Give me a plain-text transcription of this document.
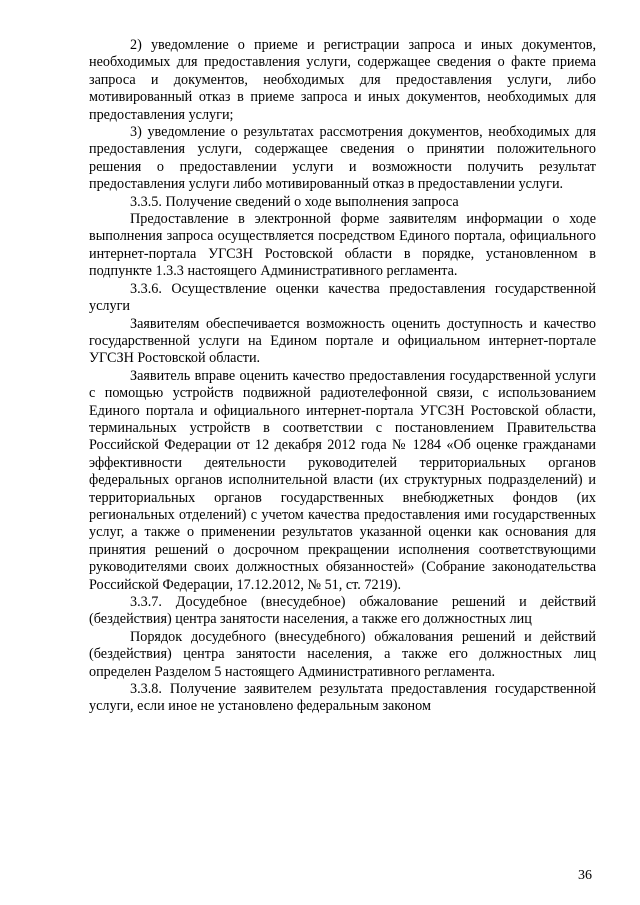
2) уведомление о приеме и регистрации запроса и иных документов, необходимых для предоставления услуги, содержащее сведения о факте приема запроса и документов, необходимых для предоставления услуги, либо мотивированный отказ в приеме запроса и иных документов, необходимых для предоставления услуги;

3) уведомление о результатах рассмотрения документов, необходимых для предоставления услуги, содержащее сведения о принятии положительного решения о предоставлении услуги и возможности получить результат предоставления услуги либо мотивированный отказ в предоставлении услуги.

3.3.5. Получение сведений о ходе выполнения запроса

Предоставление в электронной форме заявителям информации о ходе выполнения запроса осуществляется посредством Единого портала, официального интернет-портала УГСЗН Ростовской области в порядке, установленном в подпункте 1.3.3 настоящего Административного регламента.

3.3.6. Осуществление оценки качества предоставления государственной услуги

Заявителям обеспечивается возможность оценить доступность и качество государственной услуги на Едином портале и официальном интернет-портале УГСЗН Ростовской области.

Заявитель вправе оценить качество предоставления государственной услуги с помощью устройств подвижной радиотелефонной связи, с использованием Единого портала и официального интернет-портала УГСЗН Ростовской области, терминальных устройств в соответствии с постановлением Правительства Российской Федерации от 12 декабря 2012 года № 1284 «Об оценке гражданами эффективности деятельности руководителей территориальных органов федеральных органов исполнительной власти (их структурных подразделений) и территориальных органов государственных внебюджетных фондов (их региональных отделений) с учетом качества предоставления ими государственных услуг, а также о применении результатов указанной оценки как основания для принятия решений о досрочном прекращении исполнения соответствующими руководителями своих должностных обязанностей» (Собрание законодательства Российской Федерации, 17.12.2012, № 51, ст. 7219).

3.3.7. Досудебное (внесудебное) обжалование решений и действий (бездействия) центра занятости населения, а также его должностных лиц

Порядок досудебного (внесудебного) обжалования решений и действий (бездействия) центра занятости населения, а также его должностных лиц определен Разделом 5 настоящего Административного регламента.

3.3.8. Получение заявителем результата предоставления государственной услуги, если иное не установлено федеральным законом

36
